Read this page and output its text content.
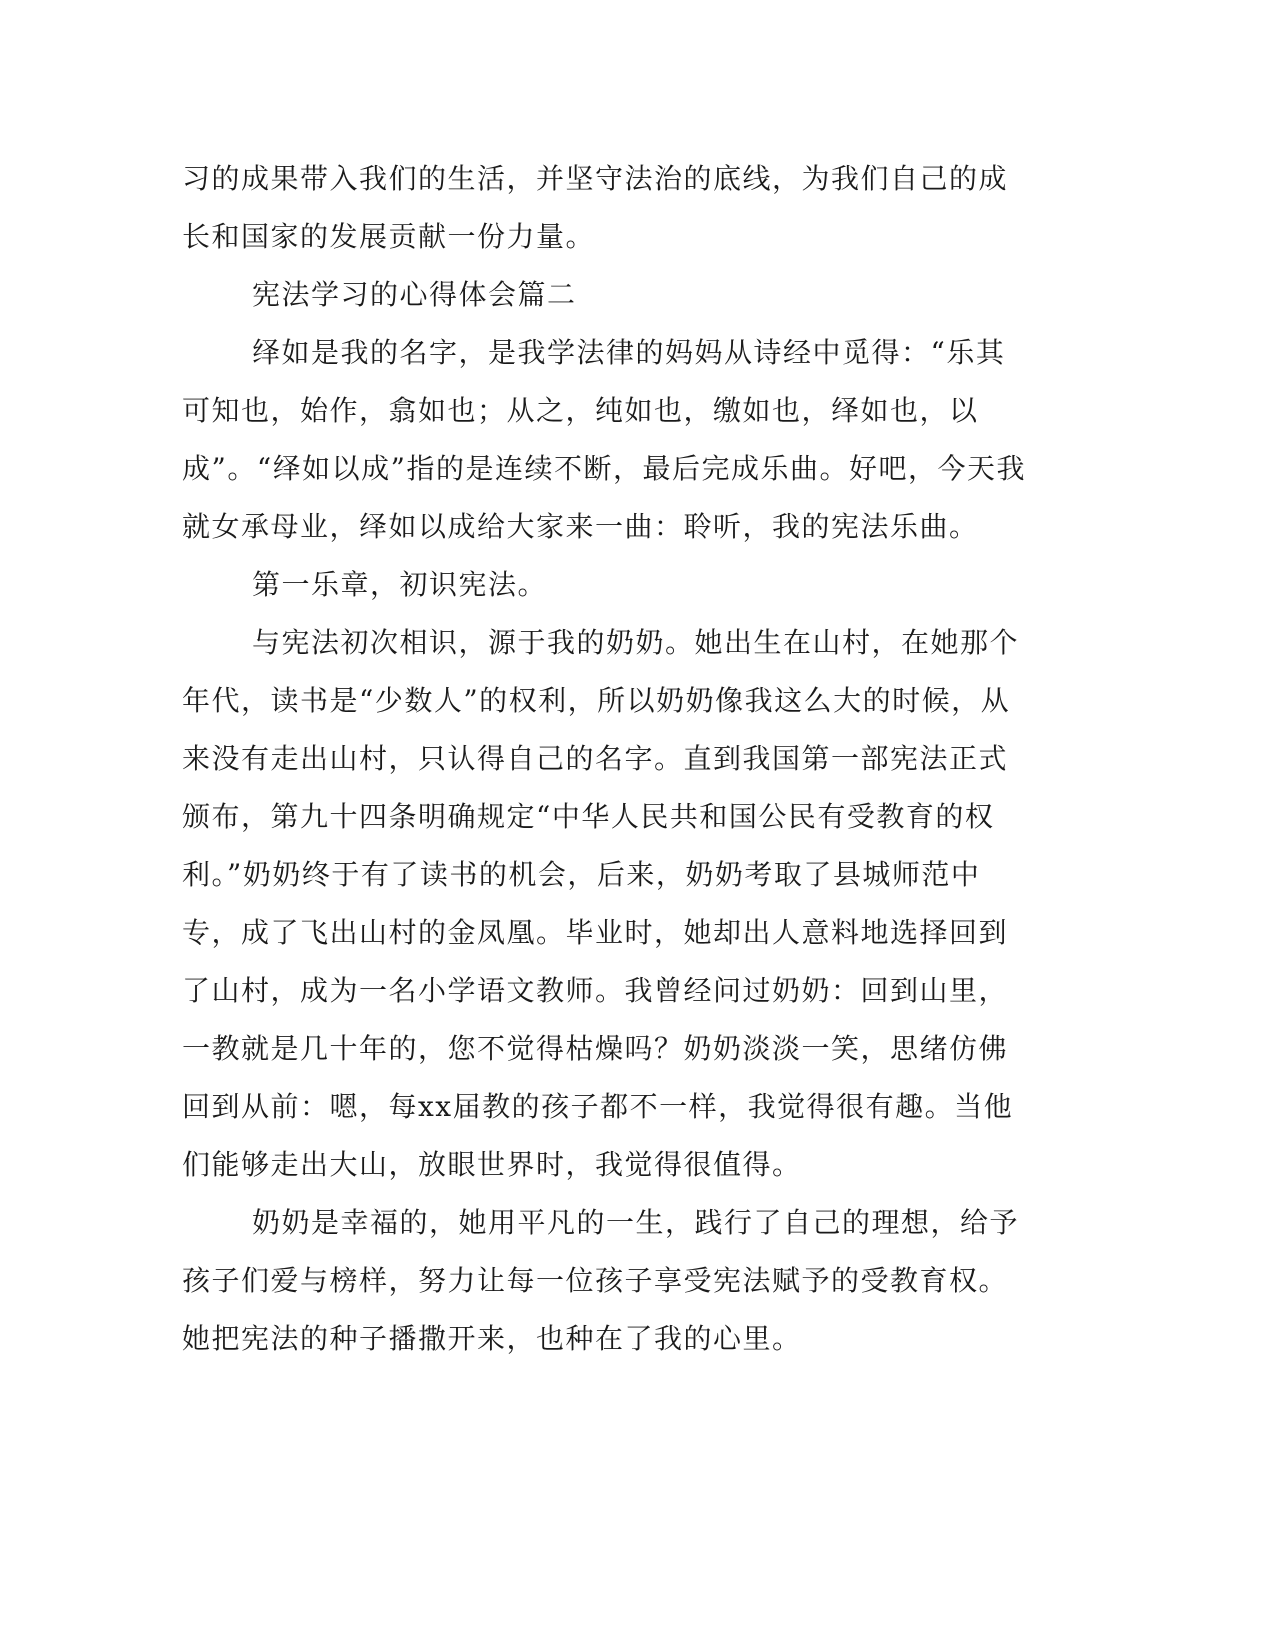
习的成果带入我们的生活，并坚守法治的底线，为我们自己的成长和国家的发展贡献一份力量。

宪法学习的心得体会篇二

绎如是我的名字，是我学法律的妈妈从诗经中觅得：“乐其可知也，始作，翕如也；从之，纯如也，缴如也，绎如也，以成”。“绎如以成”指的是连续不断，最后完成乐曲。好吧，今天我就女承母业，绎如以成给大家来一曲：聆听，我的宪法乐曲。

第一乐章，初识宪法。

与宪法初次相识，源于我的奶奶。她出生在山村，在她那个年代，读书是“少数人”的权利，所以奶奶像我这么大的时候，从来没有走出山村，只认得自己的名字。直到我国第一部宪法正式颁布，第九十四条明确规定“中华人民共和国公民有受教育的权利。”奶奶终于有了读书的机会，后来，奶奶考取了县城师范中专，成了飞出山村的金凤凰。毕业时，她却出人意料地选择回到了山村，成为一名小学语文教师。我曾经问过奶奶：回到山里，一教就是几十年的，您不觉得枯燥吗？奶奶淡淡一笑，思绪仿佛回到从前：嗯，每xx届教的孩子都不一样，我觉得很有趣。当他们能够走出大山，放眼世界时，我觉得很值得。

奶奶是幸福的，她用平凡的一生，践行了自己的理想，给予孩子们爱与榜样，努力让每一位孩子享受宪法赋予的受教育权。她把宪法的种子播撒开来，也种在了我的心里。
